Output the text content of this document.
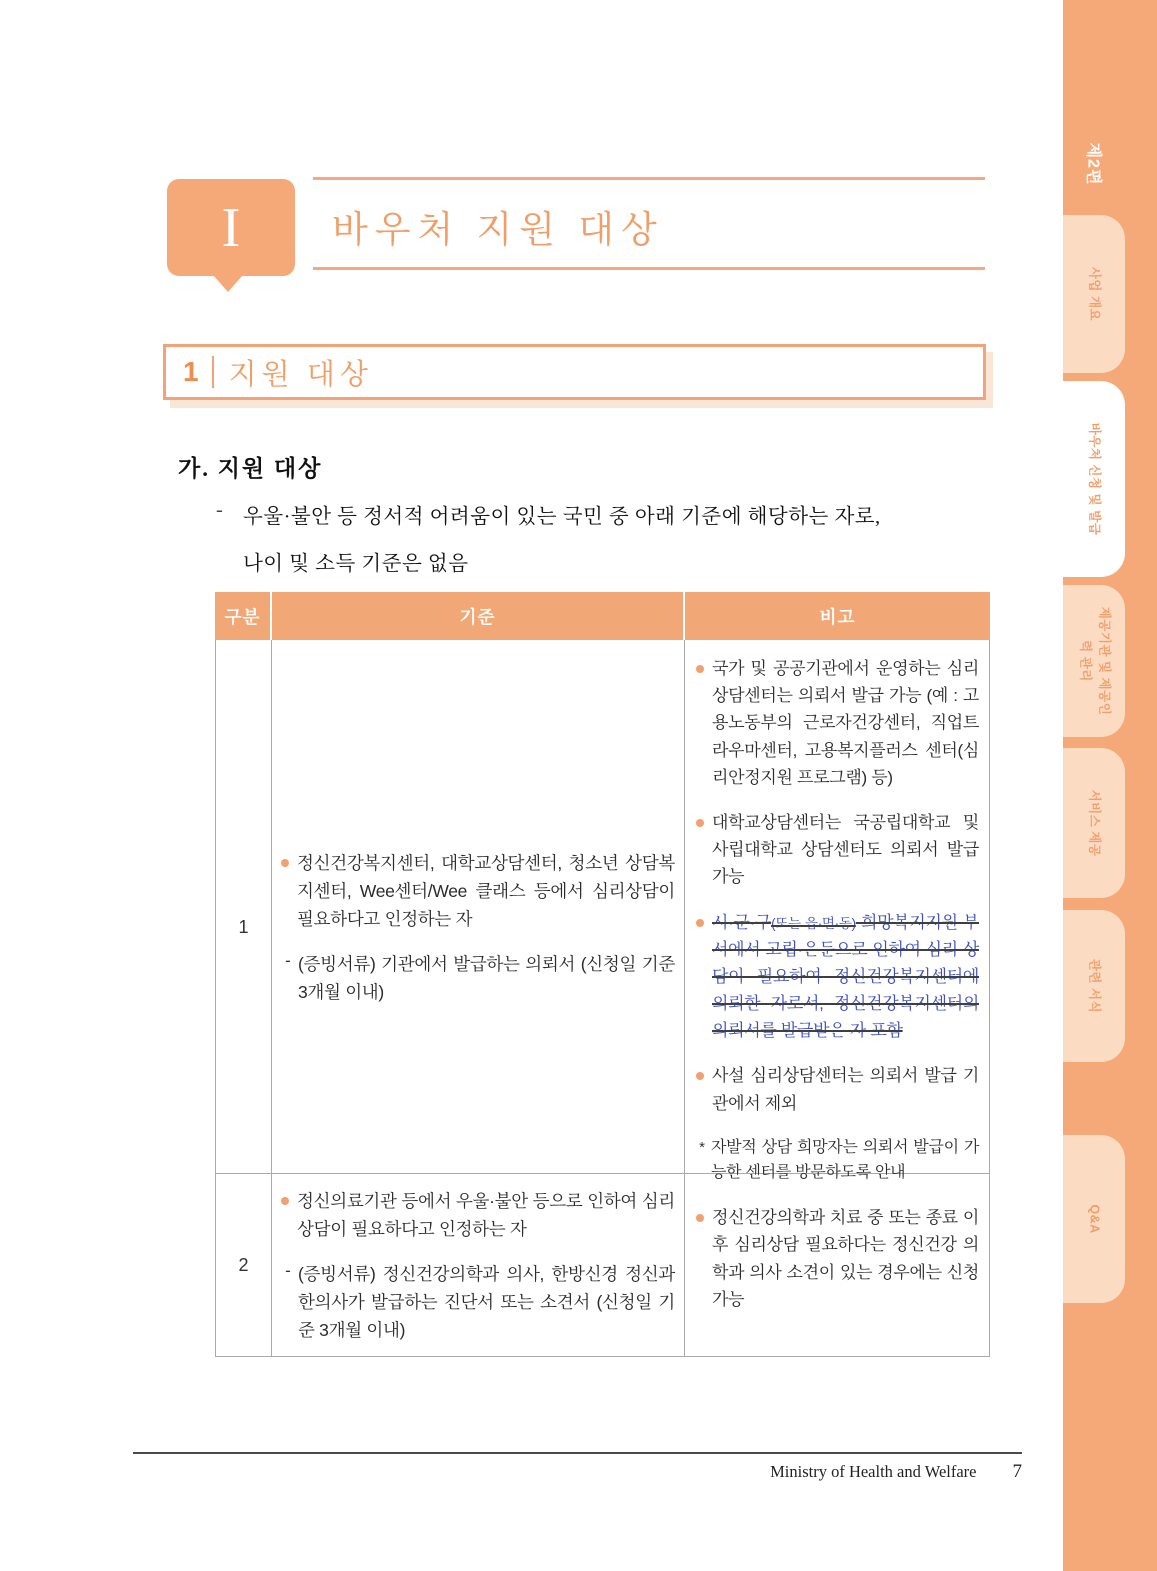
제2편
사업 개요
바우처 신청 및 발급
제공기관 및 제공인력 관리
서비스 제공
관련 서식
Q&A
I 바우처 지원 대상
1 지원 대상
가. 지원 대상
- 우울·불안 등 정서적 어려움이 있는 국민 중 아래 기준에 해당하는 자로,
나이 및 소득 기준은 없음
구분	기준	비고
1
정신건강복지센터, 대학교상담센터, 청소년 상담복지센터, Wee센터/Wee 클래스 등에서 심리상담이 필요하다고 인정하는 자
- (증빙서류) 기관에서 발급하는 의뢰서 (신청일 기준 3개월 이내)
국가 및 공공기관에서 운영하는 심리상담센터는 의뢰서 발급 가능 (예 : 고용노동부의 근로자건강센터, 직업트라우마센터, 고용복지플러스 센터(심리안정지원 프로그램) 등)
대학교상담센터는 국공립대학교 및 사립대학교 상담센터도 의뢰서 발급 가능
시·군·구(또는 읍·면·동) 희망복지지원 부서에서 고립·은둔으로 인하여 심리 상담이 필요하여 정신건강복지센터에 의뢰한 자로서, 정신건강복지센터의 의뢰서를 발급받은 자 포함
사설 심리상담센터는 의뢰서 발급 기관에서 제외
* 자발적 상담 희망자는 의뢰서 발급이 가능한 센터를 방문하도록 안내
2
정신의료기관 등에서 우울·불안 등으로 인하여 심리상담이 필요하다고 인정하는 자
- (증빙서류) 정신건강의학과 의사, 한방신경 정신과 한의사가 발급하는 진단서 또는 소견서 (신청일 기준 3개월 이내)
정신건강의학과 치료 중 또는 종료 이후 심리상담 필요하다는 정신건강 의학과 의사 소견이 있는 경우에는 신청 가능
Ministry of Health and Welfare 7
